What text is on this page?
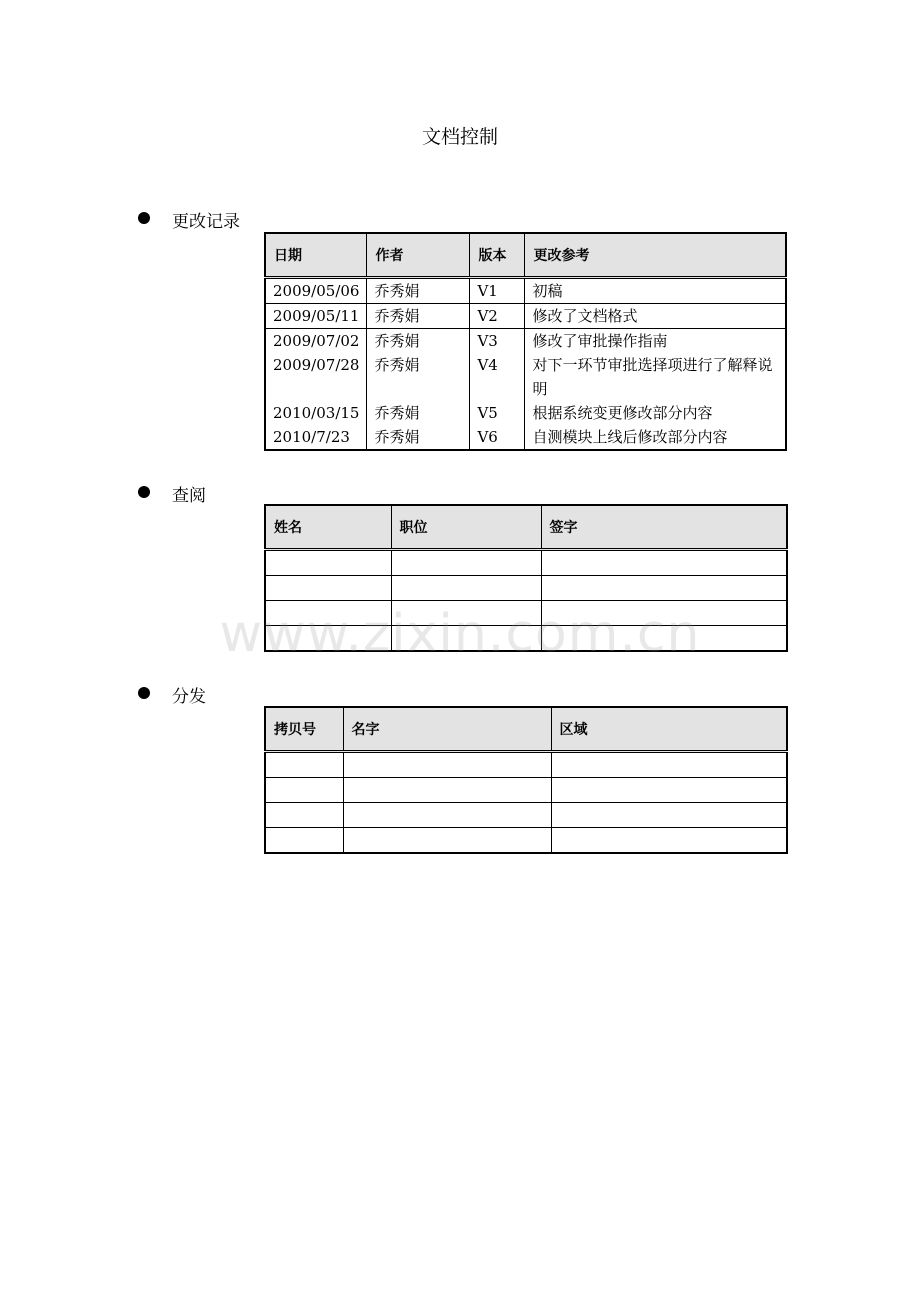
文档控制
更改记录
日期	作者	版本	更改参考
2009/05/06	乔秀娟	V1	初稿
2009/05/11	乔秀娟	V2	修改了文档格式
2009/07/02	乔秀娟	V3	修改了审批操作指南
2009/07/28	乔秀娟	V4	对下一环节审批选择项进行了解释说明
2010/03/15	乔秀娟	V5	根据系统变更修改部分内容
2010/7/23	乔秀娟	V6	自测模块上线后修改部分内容
查阅
姓名	职位	签字

分发
拷贝号	名字	区域

www.zixin.com.cn
